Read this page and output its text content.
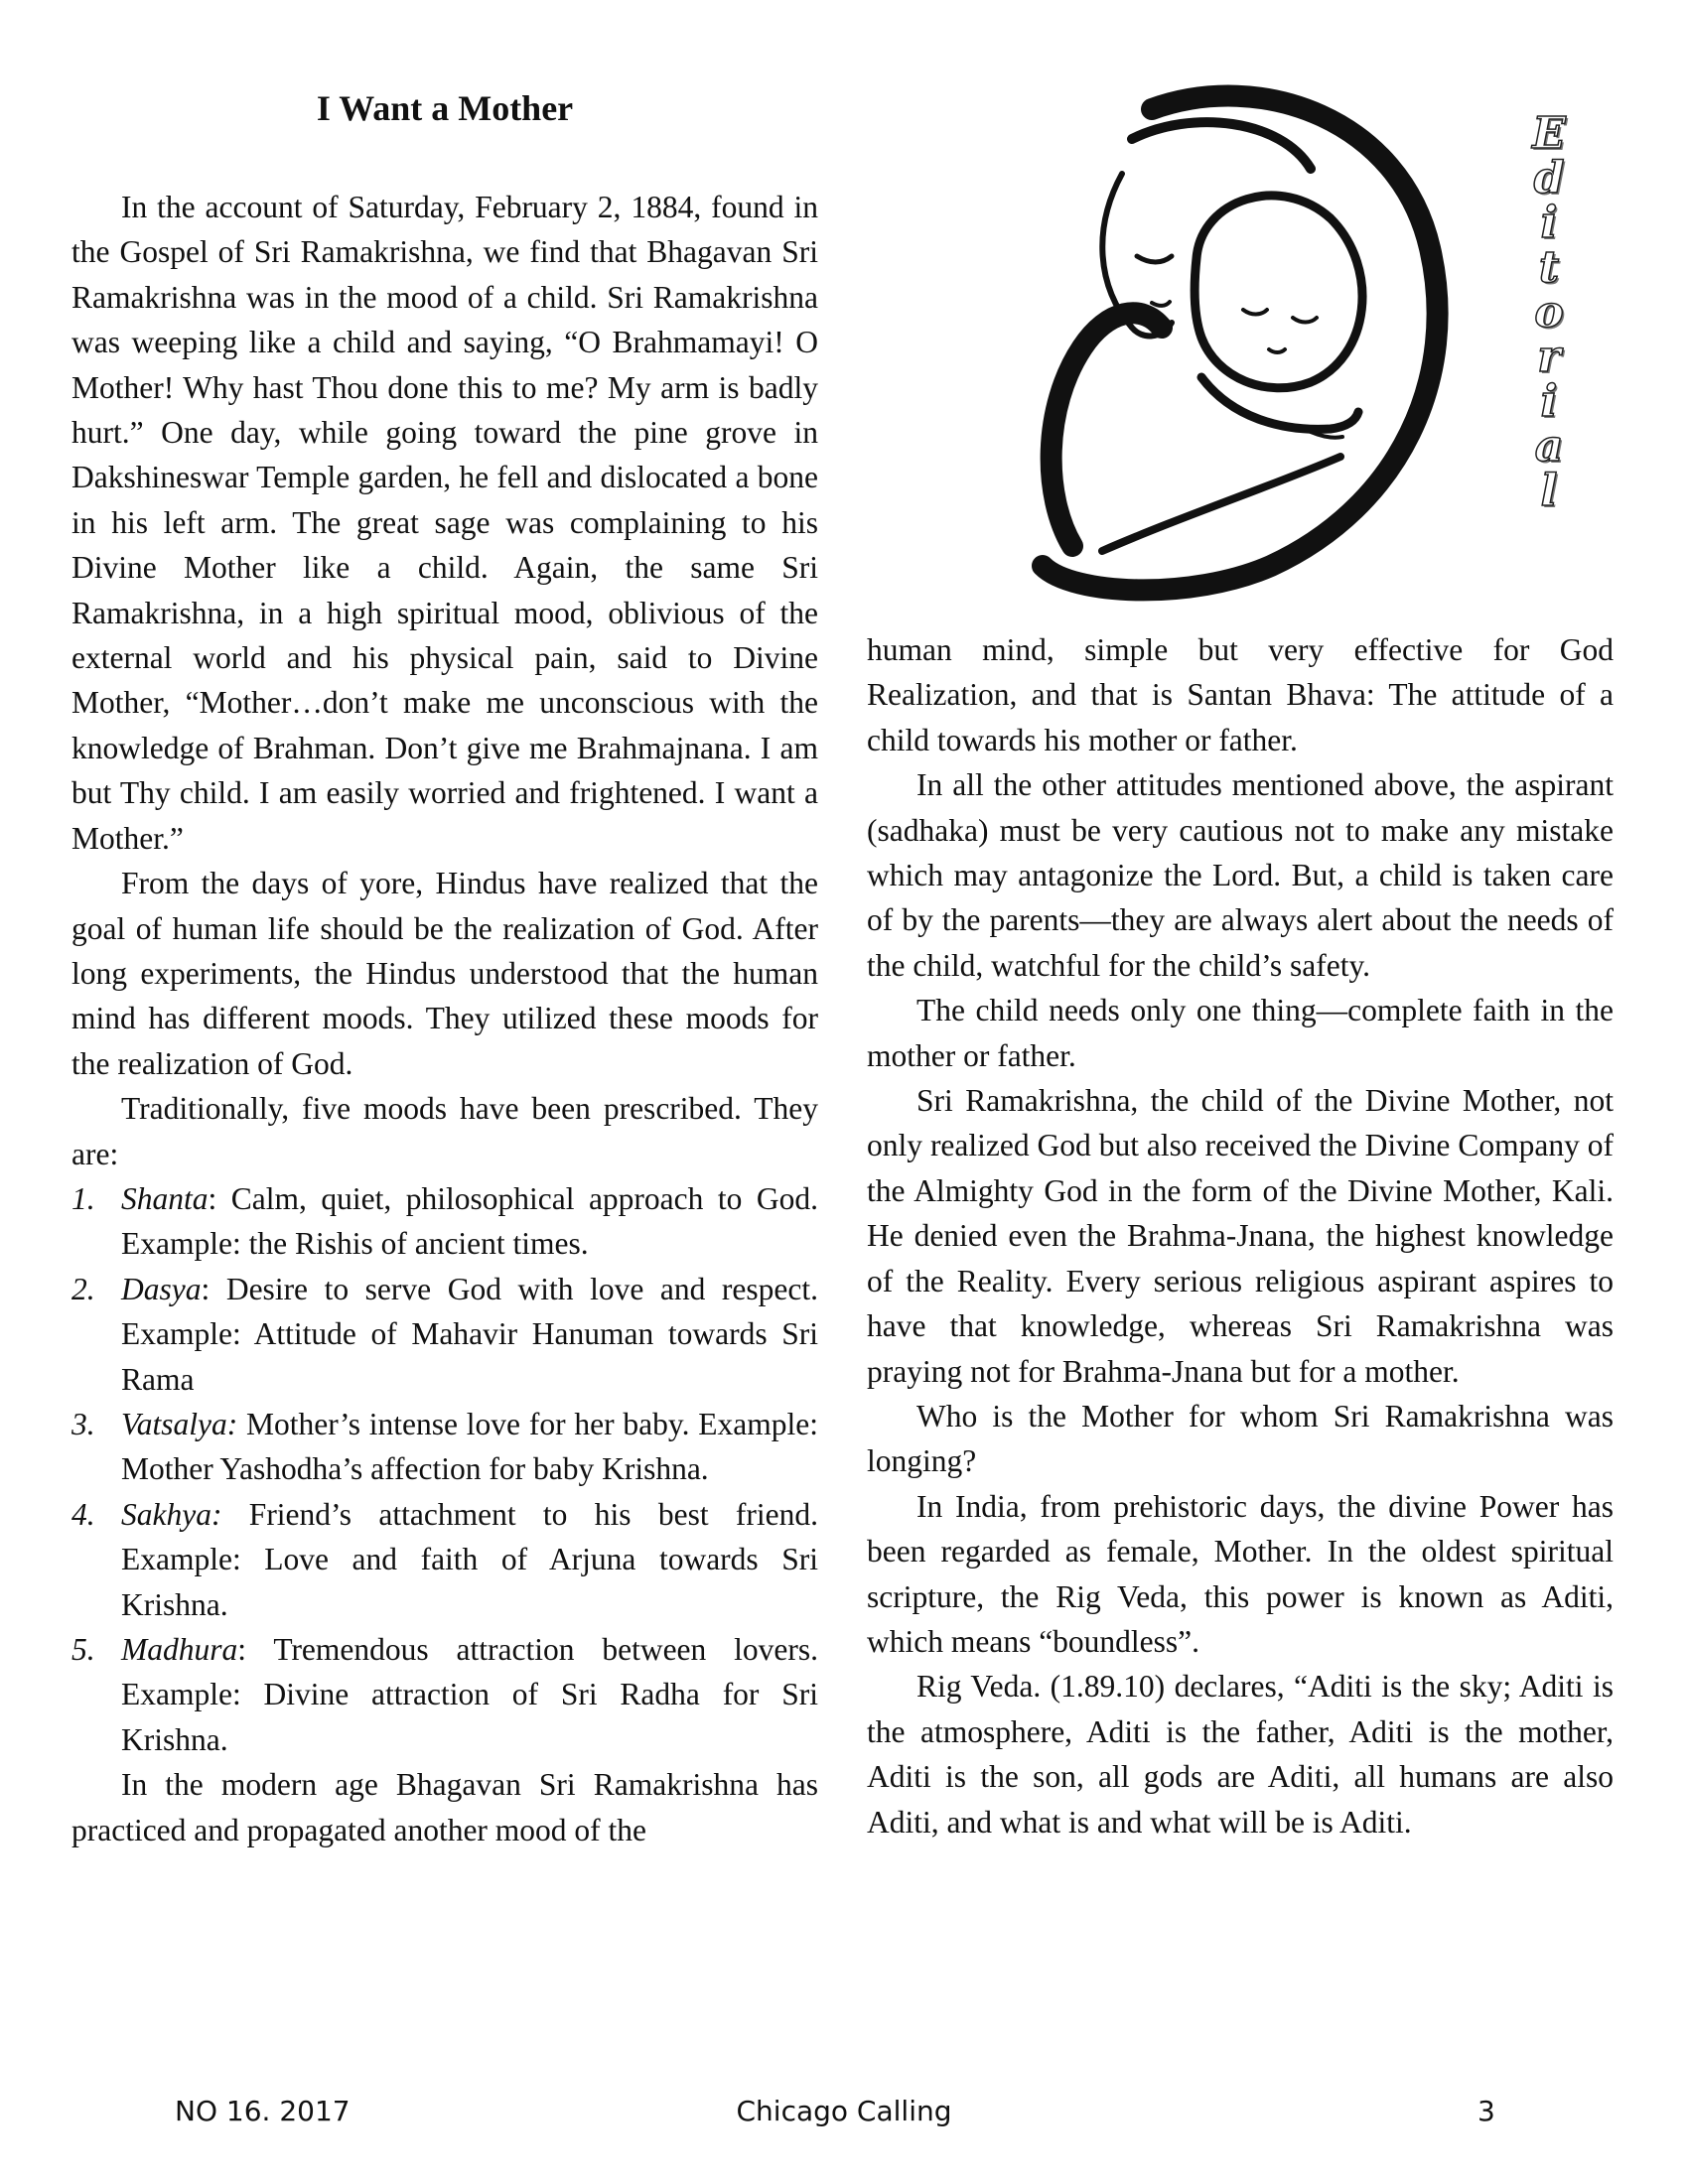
I Want a Mother

In the account of Saturday, February 2, 1884, found in the Gospel of Sri Ramakrishna, we find that Bhagavan Sri Ramakrishna was in the mood of a child. Sri Ramakrishna was weeping like a child and saying, “O Brahmamayi! O Mother! Why hast Thou done this to me? My arm is badly hurt.” One day, while going toward the pine grove in Dakshineswar Temple garden, he fell and dislocated a bone in his left arm. The great sage was complaining to his Divine Mother like a child. Again, the same Sri Ramakrishna, in a high spiritual mood, oblivious of the external world and his physical pain, said to Divine Mother, “Mother…don’t make me unconscious with the knowledge of Brahman. Don’t give me Brahmajnana. I am but Thy child. I am easily worried and frightened. I want a Mother.”

From the days of yore, Hindus have realized that the goal of human life should be the realization of God. After long experiments, the Hindus understood that the human mind has different moods. They utilized these moods for the realization of God.

Traditionally, five moods have been prescribed. They are:

1. Shanta: Calm, quiet, philosophical approach to God. Example: the Rishis of ancient times.
2. Dasya: Desire to serve God with love and respect. Example: Attitude of Mahavir Hanuman towards Sri Rama
3. Vatsalya: Mother’s intense love for her baby. Example: Mother Yashodha’s affection for baby Krishna.
4. Sakhya: Friend’s attachment to his best friend. Example: Love and faith of Arjuna towards Sri Krishna.
5. Madhura: Tremendous attraction between lovers. Example: Divine attraction of Sri Radha for Sri Krishna.

In the modern age Bhagavan Sri Ramakrishna has practiced and propagated another mood of the

E
d
i
t
o
r
i
a
l

human mind, simple but very effective for God Realization, and that is Santan Bhava: The attitude of a child towards his mother or father.

In all the other attitudes mentioned above, the aspirant (sadhaka) must be very cautious not to make any mistake which may antagonize the Lord. But, a child is taken care of by the parents—they are always alert about the needs of the child, watchful for the child’s safety.

The child needs only one thing—complete faith in the mother or father.

Sri Ramakrishna, the child of the Divine Mother, not only realized God but also received the Divine Company of the Almighty God in the form of the Divine Mother, Kali. He denied even the Brahma-Jnana, the highest knowledge of the Reality. Every serious religious aspirant aspires to have that knowledge, whereas Sri Ramakrishna was praying not for Brahma-Jnana but for a mother.

Who is the Mother for whom Sri Ramakrishna was longing?

In India, from prehistoric days, the divine Power has been regarded as female, Mother. In the oldest spiritual scripture, the Rig Veda, this power is known as Aditi, which means “boundless”.

Rig Veda. (1.89.10) declares, “Aditi is the sky; Aditi is the atmosphere, Aditi is the father, Aditi is the mother, Aditi is the son, all gods are Aditi, all humans are also Aditi, and what is and what will be is Aditi.

NO 16. 2017	Chicago Calling	3
